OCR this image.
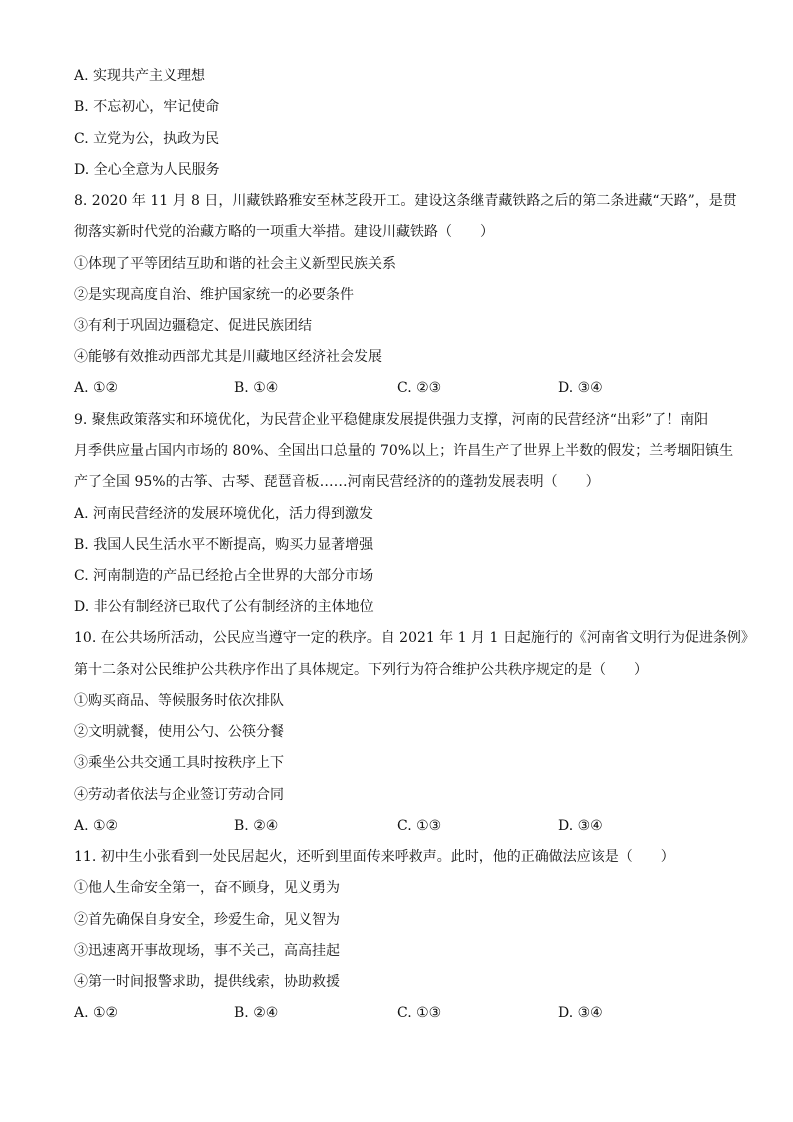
A. 实现共产主义理想
B. 不忘初心，牢记使命
C. 立党为公，执政为民
D. 全心全意为人民服务
8. 2020 年 11 月 8 日，川藏铁路雅安至林芝段开工。建设这条继青藏铁路之后的第二条进藏“天路”，是贯
彻落实新时代党的治藏方略的一项重大举措。建设川藏铁路（　　）
①体现了平等团结互助和谐的社会主义新型民族关系
②是实现高度自治、维护国家统一的必要条件
③有利于巩固边疆稳定、促进民族团结
④能够有效推动西部尤其是川藏地区经济社会发展
A. ①②	B. ①④	C. ②③	D. ③④
9. 聚焦政策落实和环境优化，为民营企业平稳健康发展提供强力支撑，河南的民营经济“出彩”了！南阳
月季供应量占国内市场的 80%、全国出口总量的 70%以上；许昌生产了世界上半数的假发；兰考堌阳镇生
产了全国 95%的古筝、古琴、琵琶音板……河南民营经济的的蓬勃发展表明（　　）
A. 河南民营经济的发展环境优化，活力得到激发
B. 我国人民生活水平不断提高，购买力显著增强
C. 河南制造的产品已经抢占全世界的大部分市场
D. 非公有制经济已取代了公有制经济的主体地位
10. 在公共场所活动，公民应当遵守一定的秩序。自 2021 年 1 月 1 日起施行的《河南省文明行为促进条例》
第十二条对公民维护公共秩序作出了具体规定。下列行为符合维护公共秩序规定的是（　　）
①购买商品、等候服务时依次排队
②文明就餐，使用公勺、公筷分餐
③乘坐公共交通工具时按秩序上下
④劳动者依法与企业签订劳动合同
A. ①②	B. ②④	C. ①③	D. ③④
11. 初中生小张看到一处民居起火，还听到里面传来呼救声。此时，他的正确做法应该是（　　）
①他人生命安全第一，奋不顾身，见义勇为
②首先确保自身安全，珍爱生命，见义智为
③迅速离开事故现场，事不关己，高高挂起
④第一时间报警求助，提供线索，协助救援
A. ①②	B. ②④	C. ①③	D. ③④
